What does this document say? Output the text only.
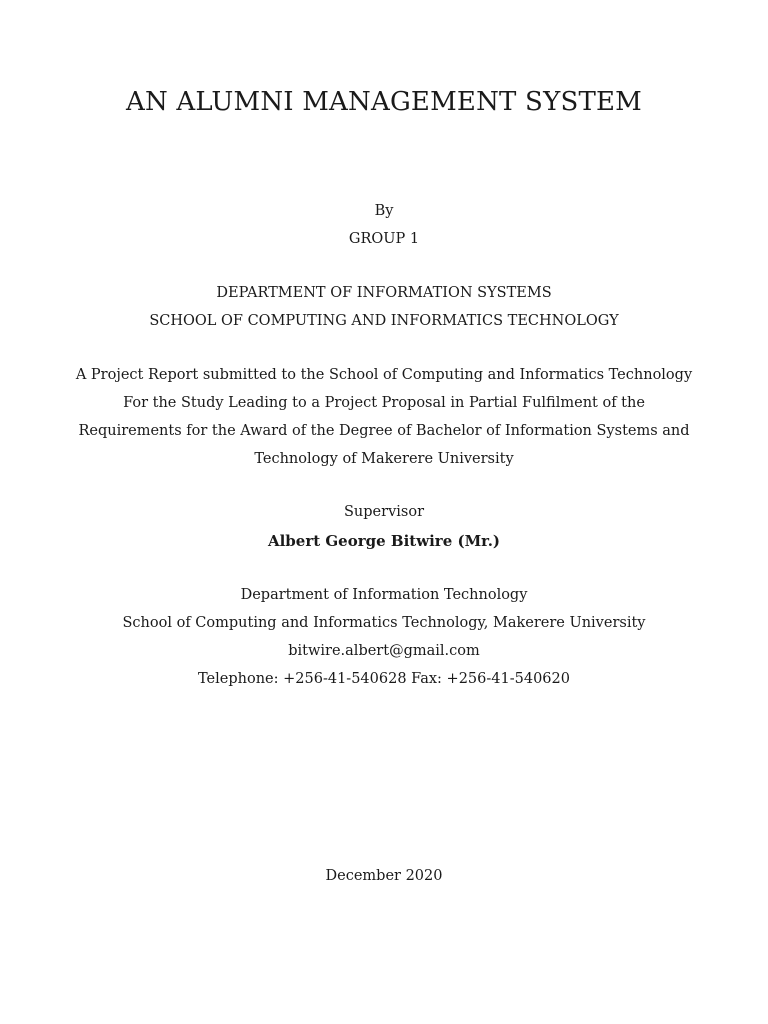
AN ALUMNI MANAGEMENT SYSTEM
By
GROUP 1
DEPARTMENT OF INFORMATION SYSTEMS
SCHOOL OF COMPUTING AND INFORMATICS TECHNOLOGY
A Project Report submitted to the School of Computing and Informatics Technology
For the Study Leading to a Project Proposal in Partial Fulfilment of the
Requirements for the Award of the Degree of Bachelor of Information Systems and
Technology of Makerere University
Supervisor
Albert George Bitwire (Mr.)
Department of Information Technology
School of Computing and Informatics Technology, Makerere University
bitwire.albert@gmail.com
Telephone: +256-41-540628 Fax: +256-41-540620
December 2020
